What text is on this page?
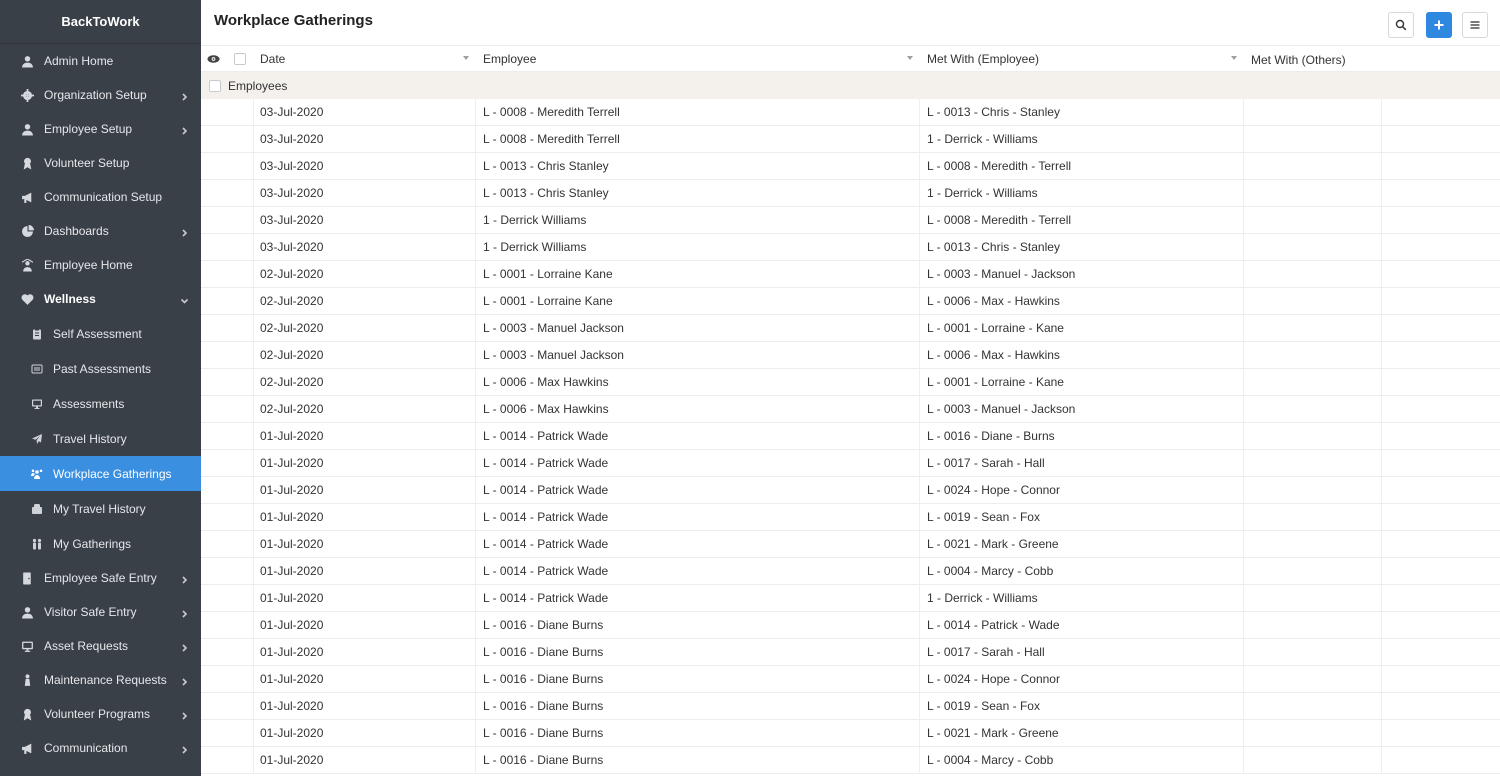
BackToWork
Admin Home
Organization Setup
Employee Setup
Volunteer Setup
Communication Setup
Dashboards
Employee Home
Wellness
Self Assessment
Past Assessments
Assessments
Travel History
Workplace Gatherings
My Travel History
My Gatherings
Employee Safe Entry
Visitor Safe Entry
Asset Requests
Maintenance Requests
Volunteer Programs
Communication
Workplace Gatherings
Date	Employee	Met With (Employee)	Met With (Others)
Employees
03-Jul-2020	L - 0008 - Meredith Terrell	L - 0013 - Chris - Stanley
03-Jul-2020	L - 0008 - Meredith Terrell	1 - Derrick - Williams
03-Jul-2020	L - 0013 - Chris Stanley	L - 0008 - Meredith - Terrell
03-Jul-2020	L - 0013 - Chris Stanley	1 - Derrick - Williams
03-Jul-2020	1 - Derrick Williams	L - 0008 - Meredith - Terrell
03-Jul-2020	1 - Derrick Williams	L - 0013 - Chris - Stanley
02-Jul-2020	L - 0001 - Lorraine Kane	L - 0003 - Manuel - Jackson
02-Jul-2020	L - 0001 - Lorraine Kane	L - 0006 - Max - Hawkins
02-Jul-2020	L - 0003 - Manuel Jackson	L - 0001 - Lorraine - Kane
02-Jul-2020	L - 0003 - Manuel Jackson	L - 0006 - Max - Hawkins
02-Jul-2020	L - 0006 - Max Hawkins	L - 0001 - Lorraine - Kane
02-Jul-2020	L - 0006 - Max Hawkins	L - 0003 - Manuel - Jackson
01-Jul-2020	L - 0014 - Patrick Wade	L - 0016 - Diane - Burns
01-Jul-2020	L - 0014 - Patrick Wade	L - 0017 - Sarah - Hall
01-Jul-2020	L - 0014 - Patrick Wade	L - 0024 - Hope - Connor
01-Jul-2020	L - 0014 - Patrick Wade	L - 0019 - Sean - Fox
01-Jul-2020	L - 0014 - Patrick Wade	L - 0021 - Mark - Greene
01-Jul-2020	L - 0014 - Patrick Wade	L - 0004 - Marcy - Cobb
01-Jul-2020	L - 0014 - Patrick Wade	1 - Derrick - Williams
01-Jul-2020	L - 0016 - Diane Burns	L - 0014 - Patrick - Wade
01-Jul-2020	L - 0016 - Diane Burns	L - 0017 - Sarah - Hall
01-Jul-2020	L - 0016 - Diane Burns	L - 0024 - Hope - Connor
01-Jul-2020	L - 0016 - Diane Burns	L - 0019 - Sean - Fox
01-Jul-2020	L - 0016 - Diane Burns	L - 0021 - Mark - Greene
01-Jul-2020	L - 0016 - Diane Burns	L - 0004 - Marcy - Cobb
